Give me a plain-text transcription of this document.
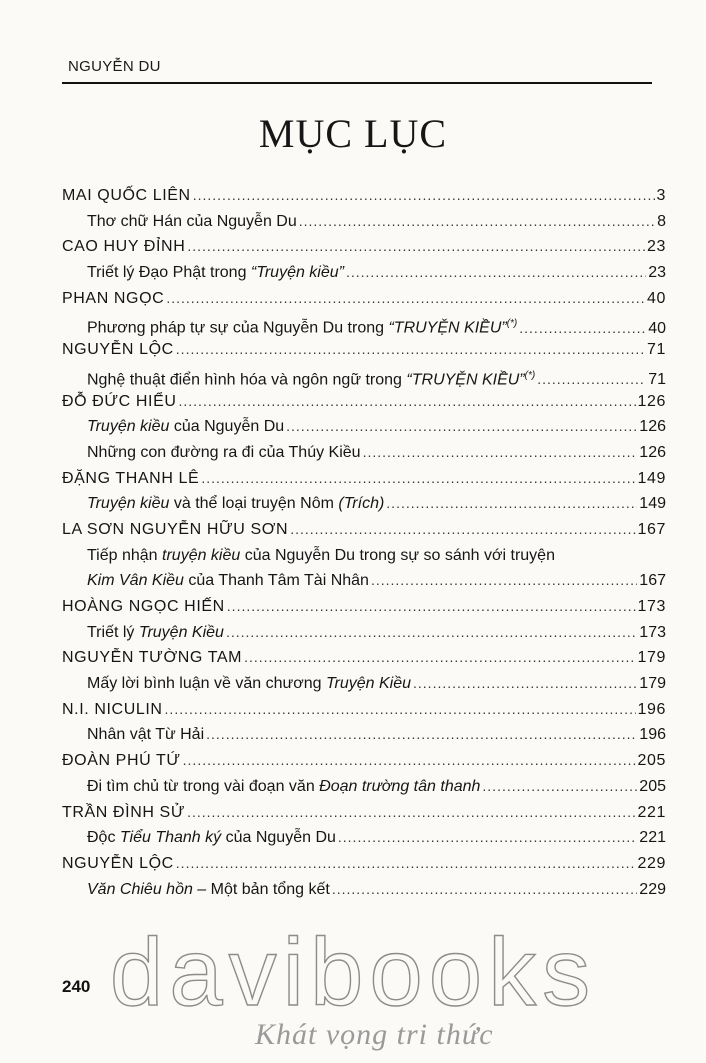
NGUYỄN DU
MỤC LỤC
MAI QUỐC LIÊN .....	3
Thơ chữ Hán của Nguyễn Du .....	8
CAO HUY ĐỈNH .....	23
Triết lý Đạo Phật trong “Truyện kiều” .....	23
PHAN NGỌC .....	40
Phương pháp tự sự của Nguyễn Du trong “TRUYỆN KIỀU”(*) .....	40
NGUYỄN LỘC .....	71
Nghệ thuật điển hình hóa và ngôn ngữ trong “TRUYỆN KIỀU”(*) .....	71
ĐỖ ĐỨC HIỂU .....	126
Truyện kiều của Nguyễn Du .....	126
Những con đường ra đi của Thúy Kiều .....	126
ĐẶNG THANH LÊ .....	149
Truyện kiều và thể loại truyện Nôm (Trích) .....	149
LA SƠN NGUYỄN HỮU SƠN .....	167
Tiếp nhận truyện kiều của Nguyễn Du trong sự so sánh với truyện
Kim Vân Kiều của Thanh Tâm Tài Nhân .....	167
HOÀNG NGỌC HIẾN .....	173
Triết lý Truyện Kiều .....	173
NGUYỄN TƯỜNG TAM .....	179
Mấy lời bình luận về văn chương Truyện Kiều .....	179
N.I. NICULIN .....	196
Nhân vật Từ Hải .....	196
ĐOÀN PHÚ TỨ .....	205
Đi tìm chủ từ trong vài đoạn văn Đoạn trường tân thanh .....	205
TRẦN ĐÌNH SỬ .....	221
Độc Tiểu Thanh ký của Nguyễn Du .....	221
NGUYỄN LỘC .....	229
Văn Chiêu hồn – Một bản tổng kết .....	229
240 davibooks
Khát vọng tri thức
